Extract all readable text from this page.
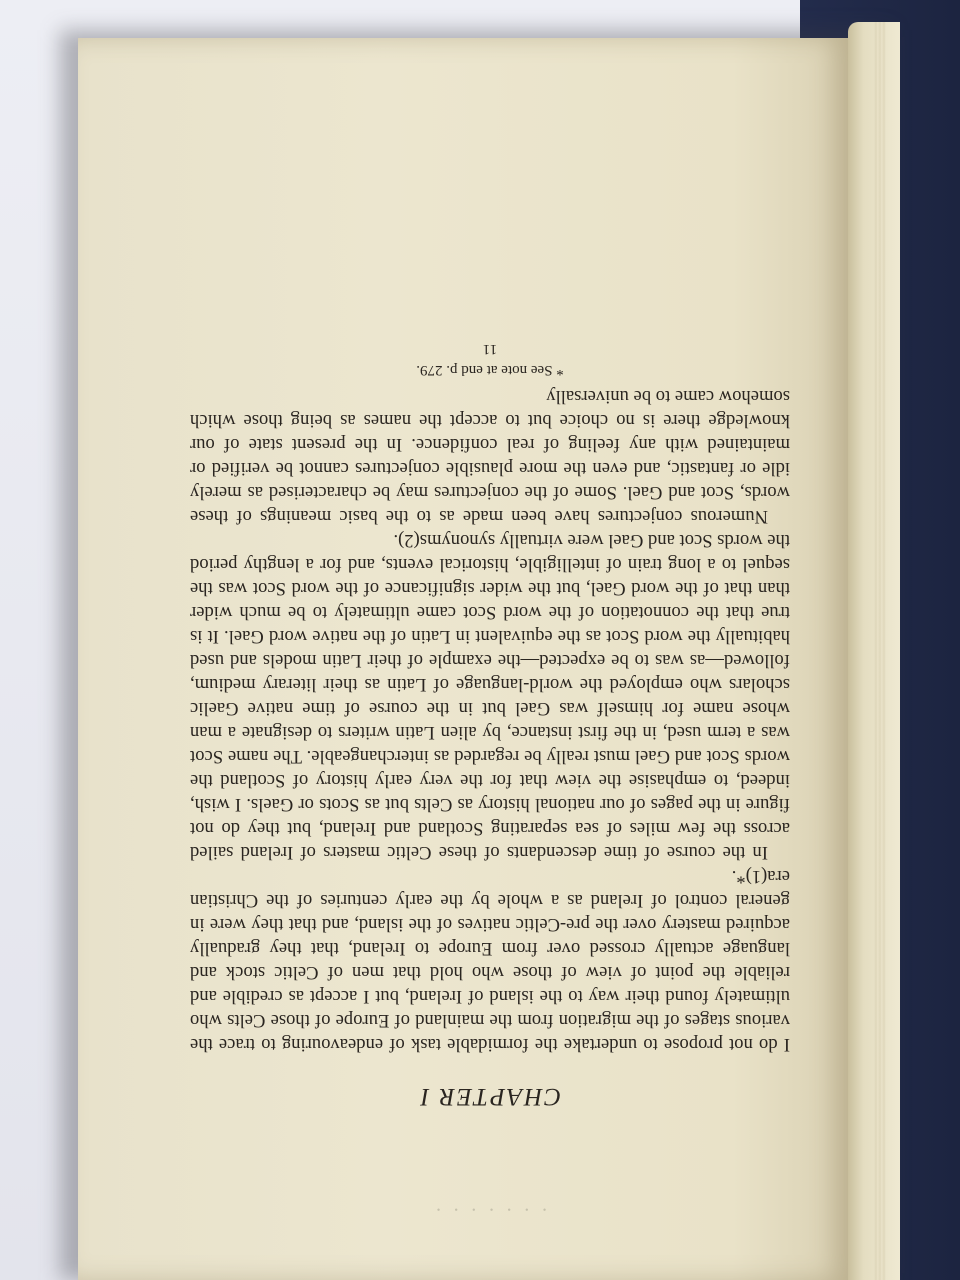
· · · · · · ·
CHAPTER I

I do not propose to undertake the formidable task of endeavouring to trace the various stages of the migration from the mainland of Europe of those Celts who ultimately found their way to the island of Ireland, but I accept as credible and reliable the point of view of those who hold that men of Celtic stock and language actually crossed over from Europe to Ireland, that they gradually acquired mastery over the pre-Celtic natives of the island, and that they were in general control of Ireland as a whole by the early centuries of the Christian era(1)*.

In the course of time descendants of these Celtic masters of Ireland sailed across the few miles of sea separating Scotland and Ireland, but they do not figure in the pages of our national history as Celts but as Scots or Gaels. I wish, indeed, to emphasise the view that for the very early history of Scotland the words Scot and Gael must really be regarded as interchangeable. The name Scot was a term used, in the first instance, by alien Latin writers to designate a man whose name for himself was Gael but in the course of time native Gaelic scholars who employed the world-language of Latin as their literary medium, followed—as was to be expected—the example of their Latin models and used habitually the word Scot as the equivalent in Latin of the native word Gael. It is true that the connotation of the word Scot came ultimately to be much wider than that of the word Gael, but the wider significance of the word Scot was the sequel to a long train of intelligible, historical events, and for a lengthy period the words Scot and Gael were virtually synonyms(2).

Numerous conjectures have been made as to the basic meanings of these words, Scot and Gael. Some of the conjectures may be characterised as merely idle or fantastic, and even the more plausible conjectures cannot be verified or maintained with any feeling of real confidence. In the present state of our knowledge there is no choice but to accept the names as being those which somehow came to be universally

* See note at end p. 279.

11
